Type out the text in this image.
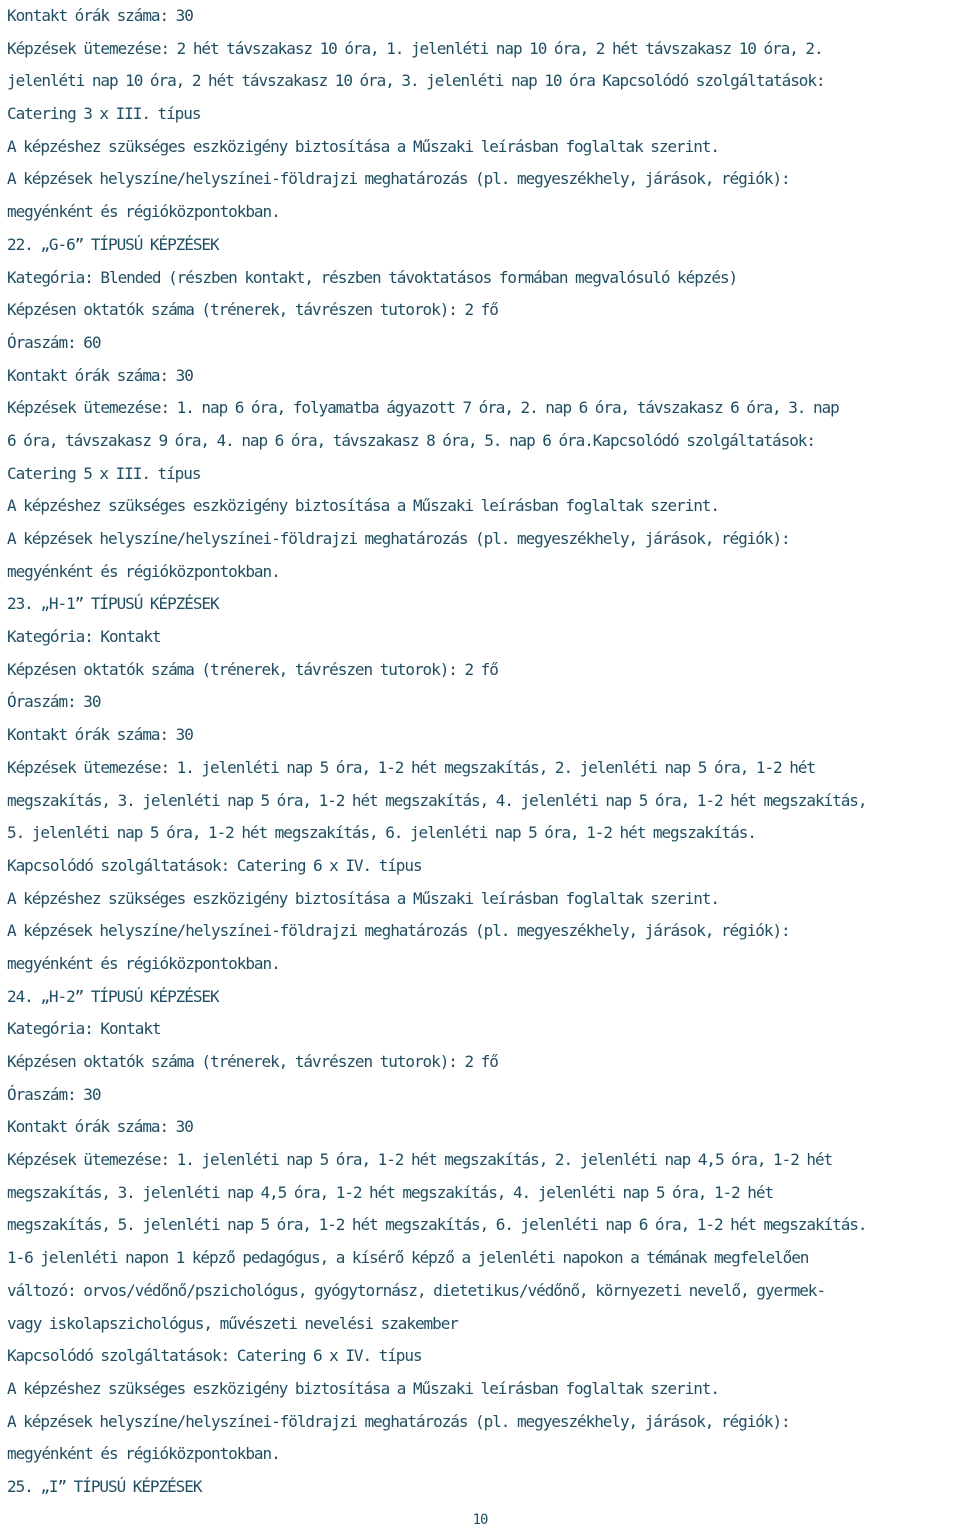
Kontakt órák száma: 30
Képzések ütemezése: 2 hét távszakasz 10 óra, 1. jelenléti nap 10 óra, 2 hét távszakasz 10 óra, 2.
jelenléti nap 10 óra, 2 hét távszakasz 10 óra, 3. jelenléti nap 10 óra Kapcsolódó szolgáltatások:
Catering 3 x III. típus
A képzéshez szükséges eszközigény biztosítása a Műszaki leírásban foglaltak szerint.
A képzések helyszíne/helyszínei-földrajzi meghatározás (pl. megyeszékhely, járások, régiók):
megyénként és régióközpontokban.
22. „G-6” TÍPUSÚ KÉPZÉSEK
Kategória: Blended (részben kontakt, részben távoktatásos formában megvalósuló képzés)
Képzésen oktatók száma (trénerek, távrészen tutorok): 2 fő
Óraszám: 60
Kontakt órák száma: 30
Képzések ütemezése: 1. nap 6 óra, folyamatba ágyazott 7 óra, 2. nap 6 óra, távszakasz 6 óra, 3. nap
6 óra, távszakasz 9 óra, 4. nap 6 óra, távszakasz 8 óra, 5. nap 6 óra.Kapcsolódó szolgáltatások:
Catering 5 x III. típus
A képzéshez szükséges eszközigény biztosítása a Műszaki leírásban foglaltak szerint.
A képzések helyszíne/helyszínei-földrajzi meghatározás (pl. megyeszékhely, járások, régiók):
megyénként és régióközpontokban.
23. „H-1” TÍPUSÚ KÉPZÉSEK
Kategória: Kontakt
Képzésen oktatók száma (trénerek, távrészen tutorok): 2 fő
Óraszám: 30
Kontakt órák száma: 30
Képzések ütemezése: 1. jelenléti nap 5 óra, 1-2 hét megszakítás, 2. jelenléti nap 5 óra, 1-2 hét
megszakítás, 3. jelenléti nap 5 óra, 1-2 hét megszakítás, 4. jelenléti nap 5 óra, 1-2 hét megszakítás,
5. jelenléti nap 5 óra, 1-2 hét megszakítás, 6. jelenléti nap 5 óra, 1-2 hét megszakítás.
Kapcsolódó szolgáltatások: Catering 6 x IV. típus
A képzéshez szükséges eszközigény biztosítása a Műszaki leírásban foglaltak szerint.
A képzések helyszíne/helyszínei-földrajzi meghatározás (pl. megyeszékhely, járások, régiók):
megyénként és régióközpontokban.
24. „H-2” TÍPUSÚ KÉPZÉSEK
Kategória: Kontakt
Képzésen oktatók száma (trénerek, távrészen tutorok): 2 fő
Óraszám: 30
Kontakt órák száma: 30
Képzések ütemezése: 1. jelenléti nap 5 óra, 1-2 hét megszakítás, 2. jelenléti nap 4,5 óra, 1-2 hét
megszakítás, 3. jelenléti nap 4,5 óra, 1-2 hét megszakítás, 4. jelenléti nap 5 óra, 1-2 hét
megszakítás, 5. jelenléti nap 5 óra, 1-2 hét megszakítás, 6. jelenléti nap 6 óra, 1-2 hét megszakítás.
1-6 jelenléti napon 1 képző pedagógus, a kísérő képző a jelenléti napokon a témának megfelelően
változó: orvos/védőnő/pszichológus, gyógytornász, dietetikus/védőnő, környezeti nevelő, gyermek-
vagy iskolapszichológus, művészeti nevelési szakember
Kapcsolódó szolgáltatások: Catering 6 x IV. típus
A képzéshez szükséges eszközigény biztosítása a Műszaki leírásban foglaltak szerint.
A képzések helyszíne/helyszínei-földrajzi meghatározás (pl. megyeszékhely, járások, régiók):
megyénként és régióközpontokban.
25. „I” TÍPUSÚ KÉPZÉSEK
10
